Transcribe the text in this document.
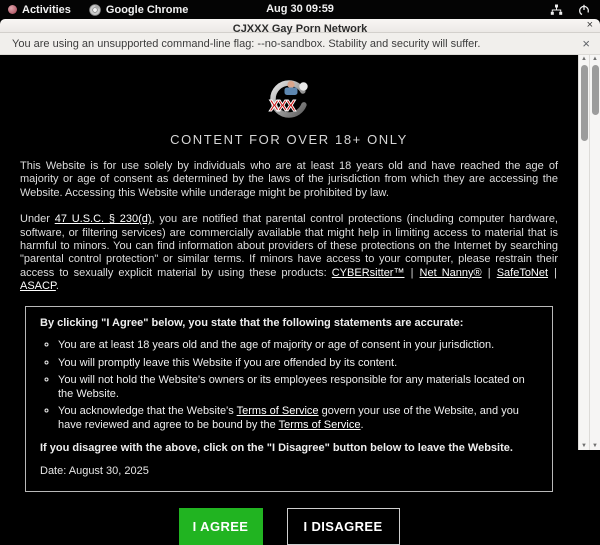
Activities	Google Chrome	Aug 30 09:59
CJXXX Gay Porn Network	×
You are using an unsupported command-line flag: --no-sandbox. Stability and security will suffer.	×
XXX
CONTENT FOR OVER 18+ ONLY

This Website is for use solely by individuals who are at least 18 years old and have reached the age of majority or age of consent as determined by the laws of the jurisdiction from which they are accessing the Website. Accessing this Website while underage might be prohibited by law.

Under 47 U.S.C. § 230(d), you are notified that parental control protections (including computer hardware, software, or filtering services) are commercially available that might help in limiting access to material that is harmful to minors. You can find information about providers of these protections on the Internet by searching "parental control protection" or similar terms. If minors have access to your computer, please restrain their access to sexually explicit material by using these products: CYBERsitter™ | Net Nanny® | SafeToNet | ASACP.

By clicking "I Agree" below, you state that the following statements are accurate:
◦ You are at least 18 years old and the age of majority or age of consent in your jurisdiction.
◦ You will promptly leave this Website if you are offended by its content.
◦ You will not hold the Website's owners or its employees responsible for any materials located on the Website.
◦ You acknowledge that the Website's Terms of Service govern your use of the Website, and you have reviewed and agree to be bound by the Terms of Service.
If you disagree with the above, click on the "I Disagree" button below to leave the Website.
Date: August 30, 2025
I AGREE	I DISAGREE
▲
▼
▲
▼
